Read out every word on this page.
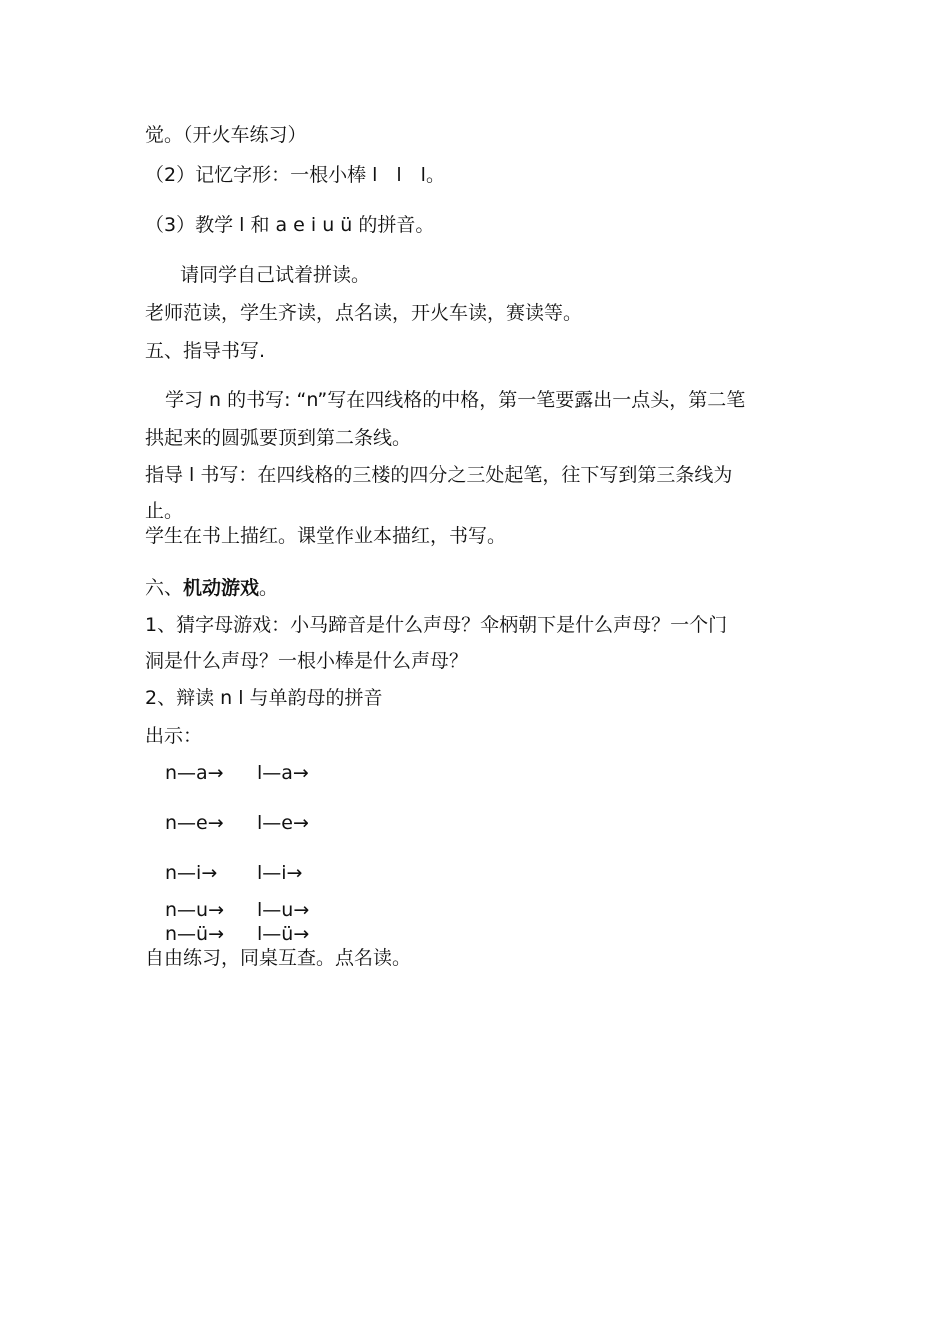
觉。（开火车练习）
（2）记忆字形：一根小棒 l　l　l。
（3）教学 l 和 a e i u ü 的拼音。
请同学自己试着拼读。
老师范读，学生齐读，点名读，开火车读，赛读等。
五、指导书写.
学习 n 的书写: “n”写在四线格的中格，第一笔要露出一点头，第二笔
拱起来的圆弧要顶到第二条线。
指导 l 书写：在四线格的三楼的四分之三处起笔，往下写到第三条线为
止。
学生在书上描红。课堂作业本描红，书写。
六、机动游戏。
1、猜字母游戏：小马蹄音是什么声母？伞柄朝下是什么声母？一个门
洞是什么声母？一根小棒是什么声母？
2、辩读 n l 与单韵母的拼音
出示：
n—a→ l—a→
n—e→ l—e→
n—i→ l—i→
n—u→ l—u→
n—ü→ l—ü→
自由练习，同桌互查。点名读。
